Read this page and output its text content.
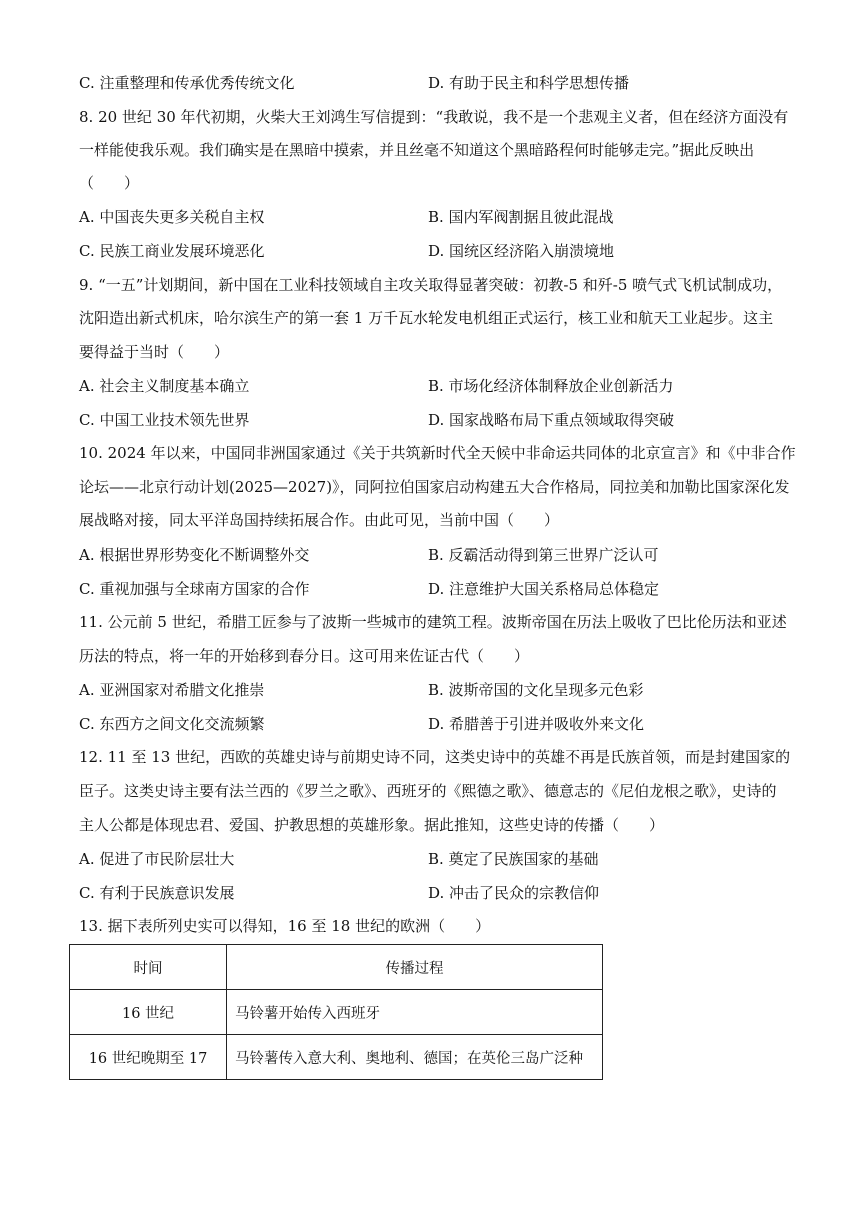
C. 注重整理和传承优秀传统文化	D. 有助于民主和科学思想传播
8. 20 世纪 30 年代初期，火柴大王刘鸿生写信提到：“我敢说，我不是一个悲观主义者，但在经济方面没有
一样能使我乐观。我们确实是在黑暗中摸索，并且丝毫不知道这个黑暗路程何时能够走完。”据此反映出
（　　）
A. 中国丧失更多关税自主权	B. 国内军阀割据且彼此混战
C. 民族工商业发展环境恶化	D. 国统区经济陷入崩溃境地
9. “一五”计划期间，新中国在工业科技领域自主攻关取得显著突破：初教-5 和歼-5 喷气式飞机试制成功，
沈阳造出新式机床，哈尔滨生产的第一套 1 万千瓦水轮发电机组正式运行，核工业和航天工业起步。这主
要得益于当时（　　）
A. 社会主义制度基本确立	B. 市场化经济体制释放企业创新活力
C. 中国工业技术领先世界	D. 国家战略布局下重点领域取得突破
10. 2024 年以来，中国同非洲国家通过《关于共筑新时代全天候中非命运共同体的北京宣言》和《中非合作
论坛——北京行动计划(2025—2027)》，同阿拉伯国家启动构建五大合作格局，同拉美和加勒比国家深化发
展战略对接，同太平洋岛国持续拓展合作。由此可见，当前中国（　　）
A. 根据世界形势变化不断调整外交	B. 反霸活动得到第三世界广泛认可
C. 重视加强与全球南方国家的合作	D. 注意维护大国关系格局总体稳定
11. 公元前 5 世纪，希腊工匠参与了波斯一些城市的建筑工程。波斯帝国在历法上吸收了巴比伦历法和亚述
历法的特点，将一年的开始移到春分日。这可用来佐证古代（　　）
A. 亚洲国家对希腊文化推崇	B. 波斯帝国的文化呈现多元色彩
C. 东西方之间文化交流频繁	D. 希腊善于引进并吸收外来文化
12. 11 至 13 世纪，西欧的英雄史诗与前期史诗不同，这类史诗中的英雄不再是氏族首领，而是封建国家的
臣子。这类史诗主要有法兰西的《罗兰之歌》、西班牙的《熙德之歌》、德意志的《尼伯龙根之歌》，史诗的
主人公都是体现忠君、爱国、护教思想的英雄形象。据此推知，这些史诗的传播（　　）
A. 促进了市民阶层壮大	B. 奠定了民族国家的基础
C. 有利于民族意识发展	D. 冲击了民众的宗教信仰
13. 据下表所列史实可以得知，16 至 18 世纪的欧洲（　　）
时间	传播过程
16 世纪	马铃薯开始传入西班牙
16 世纪晚期至 17	马铃薯传入意大利、奥地利、德国；在英伦三岛广泛种
